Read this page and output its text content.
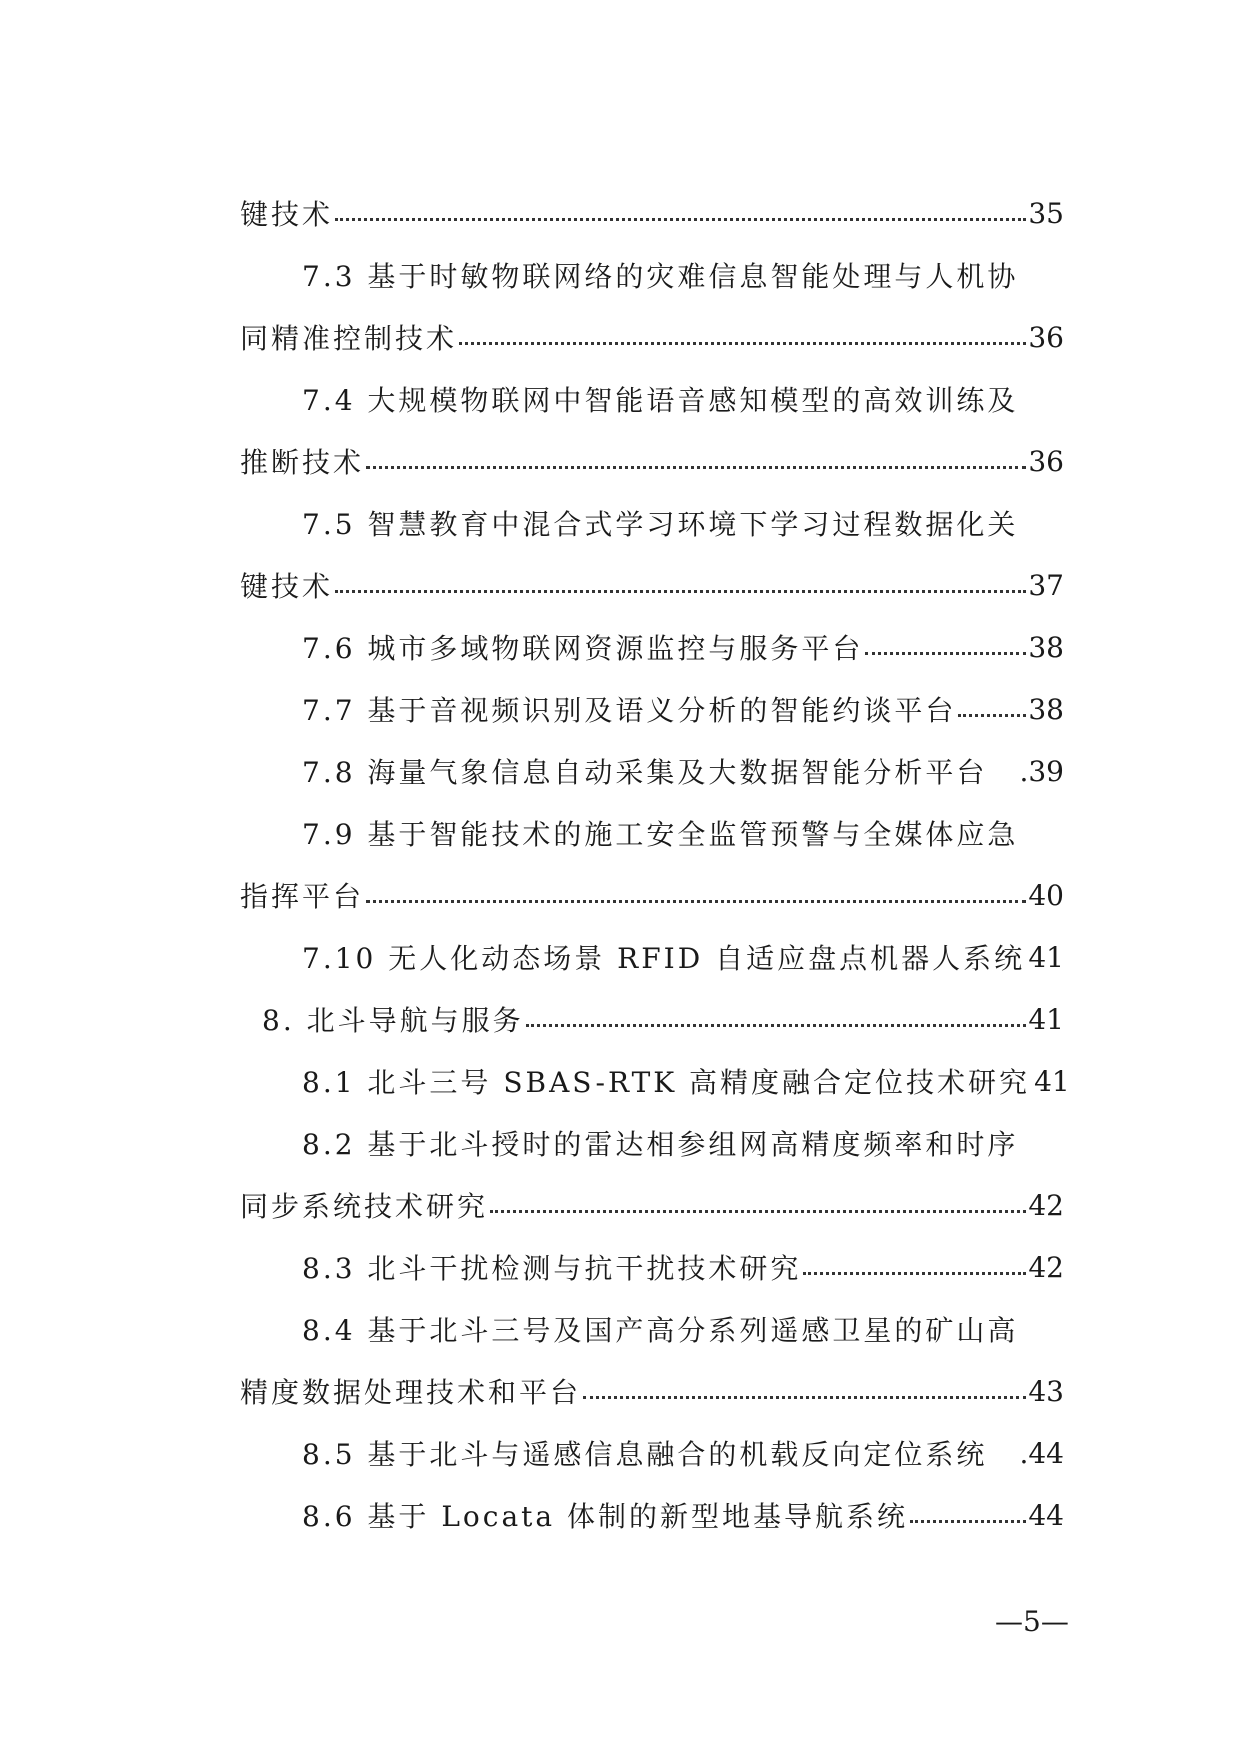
键技术	35
7.3 基于时敏物联网络的灾难信息智能处理与人机协
同精准控制技术	36
7.4 大规模物联网中智能语音感知模型的高效训练及
推断技术	36
7.5 智慧教育中混合式学习环境下学习过程数据化关
键技术	37
7.6 城市多域物联网资源监控与服务平台	38
7.7 基于音视频识别及语义分析的智能约谈平台	38
7.8 海量气象信息自动采集及大数据智能分析平台	.39
7.9 基于智能技术的施工安全监管预警与全媒体应急
指挥平台	40
7.10 无人化动态场景 RFID 自适应盘点机器人系统 41
8. 北斗导航与服务	41
8.1 北斗三号 SBAS-RTK 高精度融合定位技术研究 41
8.2 基于北斗授时的雷达相参组网高精度频率和时序
同步系统技术研究	42
8.3 北斗干扰检测与抗干扰技术研究	42
8.4 基于北斗三号及国产高分系列遥感卫星的矿山高
精度数据处理技术和平台	43
8.5 基于北斗与遥感信息融合的机载反向定位系统	.44
8.6 基于 Locata 体制的新型地基导航系统	44
—5—
